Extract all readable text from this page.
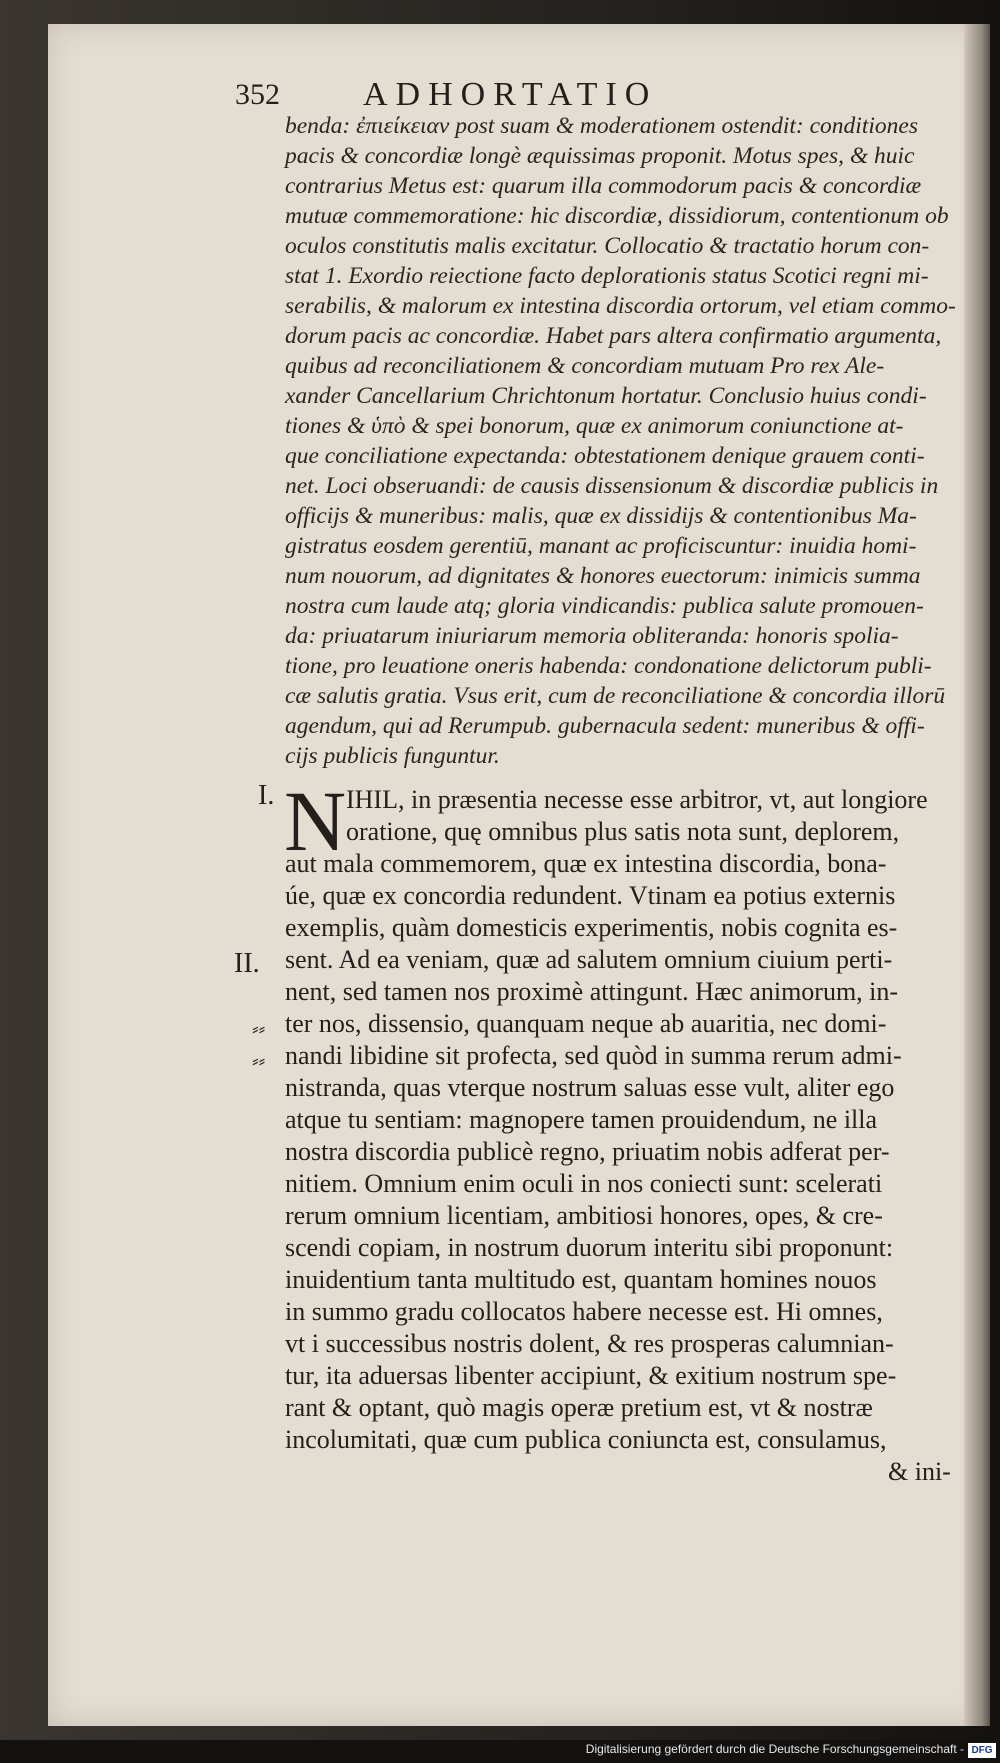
352 ADHORTATIO
benda: ἐπιείκειαν post suam & moderationem ostendit: conditiones
pacis & concordiæ longè æquissimas proponit. Motus spes, & huic
contrarius Metus est: quarum illa commodorum pacis & concordiæ
mutuæ commemoratione: hic discordiæ, dissidiorum, contentionum ob
oculos constitutis malis excitatur. Collocatio & tractatio horum con-
stat 1. Exordio reiectione facto deplorationis status Scotici regni mi-
serabilis, & malorum ex intestina discordia ortorum, vel etiam commo-
dorum pacis ac concordiæ. Habet pars altera confirmatio argumenta,
quibus ad reconciliationem & concordiam mutuam Pro rex Ale-
xander Cancellarium Chrichtonum hortatur. Conclusio huius condi-
tiones & ὑπὸ & spei bonorum, quæ ex animorum coniunctione at-
que conciliatione expectanda: obtestationem denique grauem conti-
net. Loci obseruandi: de causis dissensionum & discordiæ publicis in
officijs & muneribus: malis, quæ ex dissidijs & contentionibus Ma-
gistratus eosdem gerentiū, manant ac proficiscuntur: inuidia homi-
num nouorum, ad dignitates & honores euectorum: inimicis summa
nostra cum laude atq; gloria vindicandis: publica salute promouen-
da: priuatarum iniuriarum memoria obliteranda: honoris spolia-
tione, pro leuatione oneris habenda: condonatione delictorum publi-
cæ salutis gratia. Vsus erit, cum de reconciliatione & concordia illorū
agendum, qui ad Rerumpub. gubernacula sedent: muneribus & offi-
cijs publicis funguntur.
I.
II.
⸗⸗
⸗⸗
N IHIL, in præsentia necesse esse arbitror, vt, aut longiore
oratione, quę omnibus plus satis nota sunt, deplorem,
aut mala commemorem, quæ ex intestina discordia, bona-
úe, quæ ex concordia redundent. Vtinam ea potius externis
exemplis, quàm domesticis experimentis, nobis cognita es-
sent. Ad ea veniam, quæ ad salutem omnium ciuium perti-
nent, sed tamen nos proximè attingunt. Hæc animorum, in-
ter nos, dissensio, quanquam neque ab auaritia, nec domi-
nandi libidine sit profecta, sed quòd in summa rerum admi-
nistranda, quas vterque nostrum saluas esse vult, aliter ego
atque tu sentiam: magnopere tamen prouidendum, ne illa
nostra discordia publicè regno, priuatim nobis adferat per-
nitiem. Omnium enim oculi in nos coniecti sunt: scelerati
rerum omnium licentiam, ambitiosi honores, opes, & cre-
scendi copiam, in nostrum duorum interitu sibi proponunt:
inuidentium tanta multitudo est, quantam homines nouos
in summo gradu collocatos habere necesse est. Hi omnes,
vt i successibus nostris dolent, & res prosperas calumnian-
tur, ita aduersas libenter accipiunt, & exitium nostrum spe-
rant & optant, quò magis operæ pretium est, vt & nostræ
incolumitati, quæ cum publica coniuncta est, consulamus,
& ini-
Digitalisierung gefördert durch die Deutsche Forschungsgemeinschaft - DFG
